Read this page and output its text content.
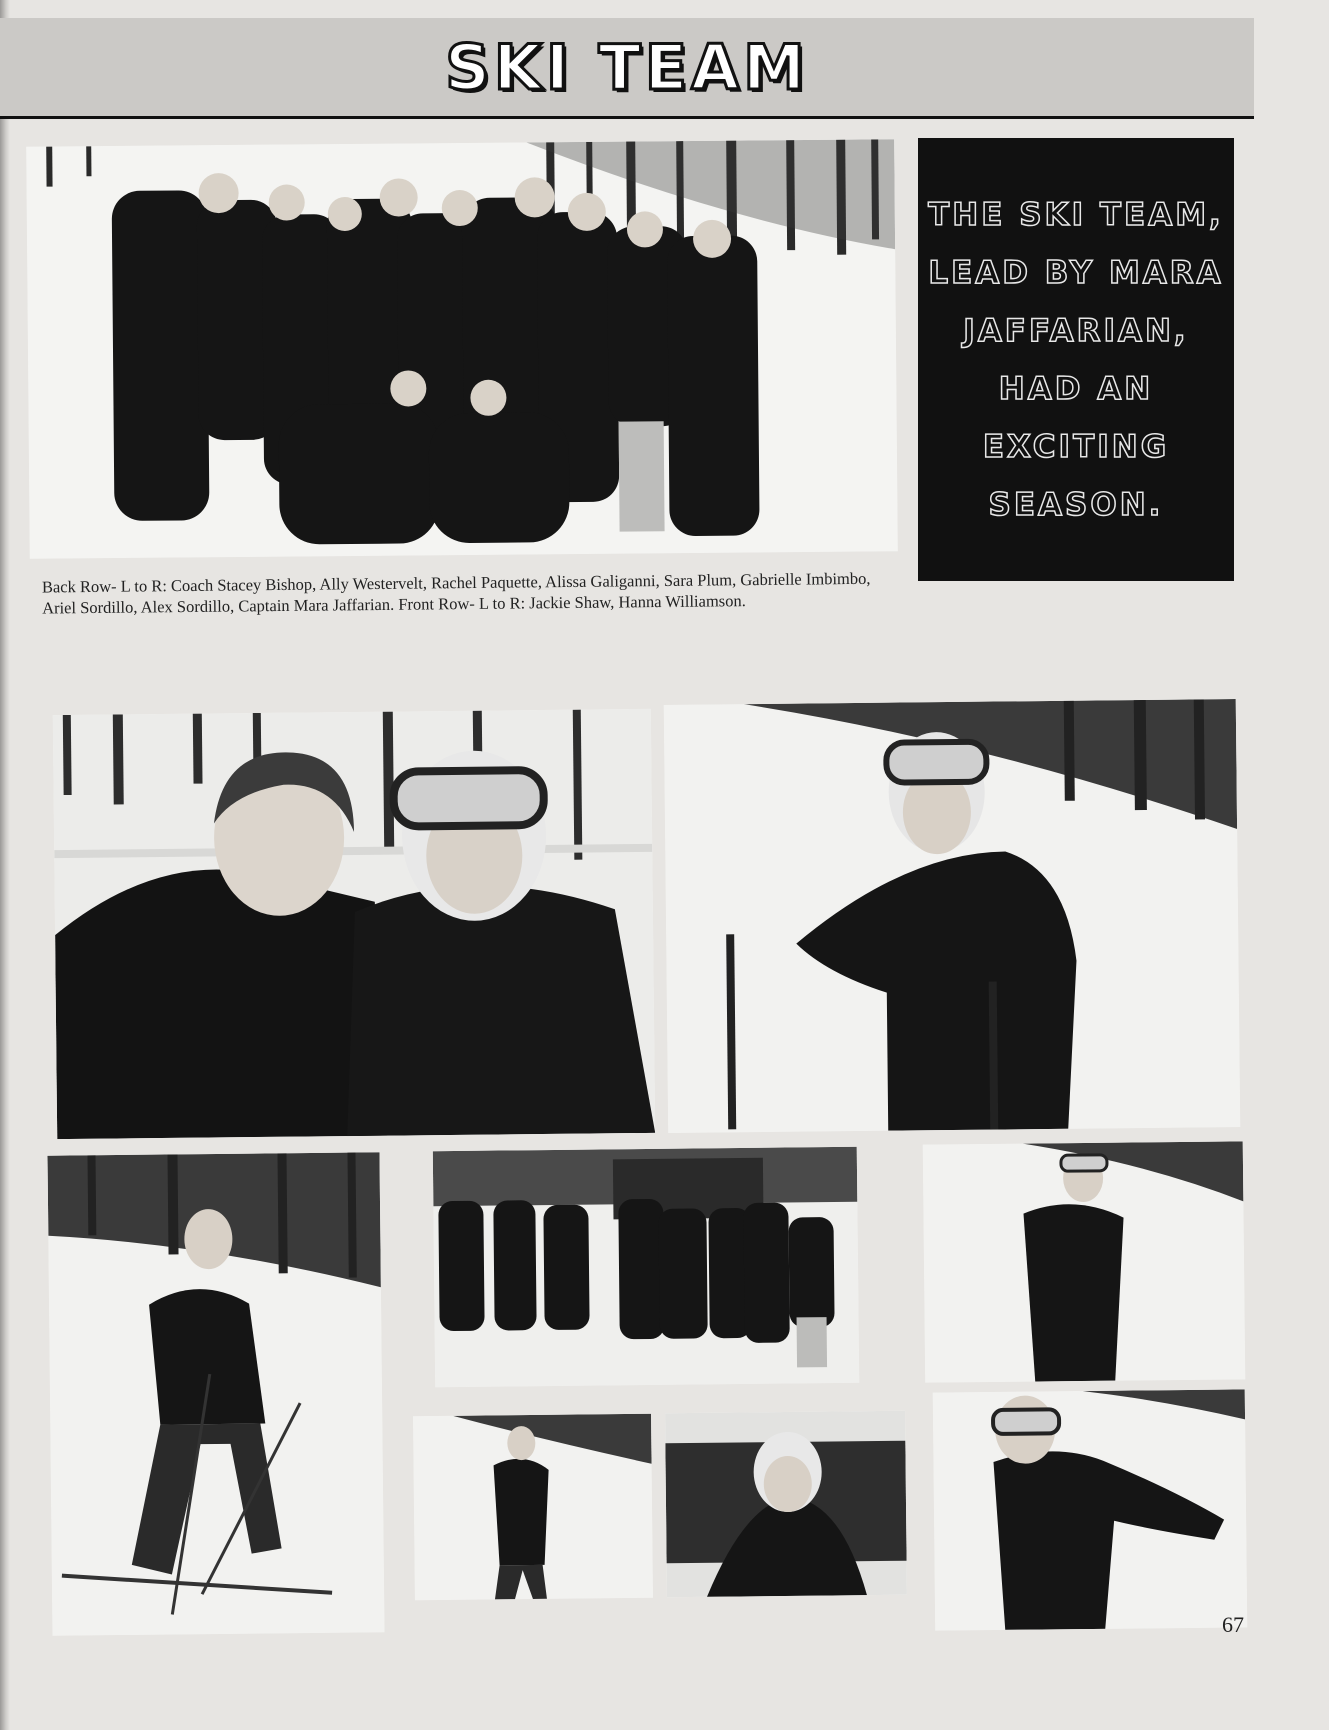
SKI TEAM
THE SKI TEAM,
LEAD BY MARA
JAFFARIAN,
HAD AN
EXCITING
SEASON.
Back Row- L to R: Coach Stacey Bishop, Ally Westervelt, Rachel Paquette, Alissa Galiganni, Sara Plum, Gabrielle Imbimbo, Ariel Sordillo, Alex Sordillo, Captain Mara Jaffarian. Front Row- L to R: Jackie Shaw, Hanna Williamson.
67
